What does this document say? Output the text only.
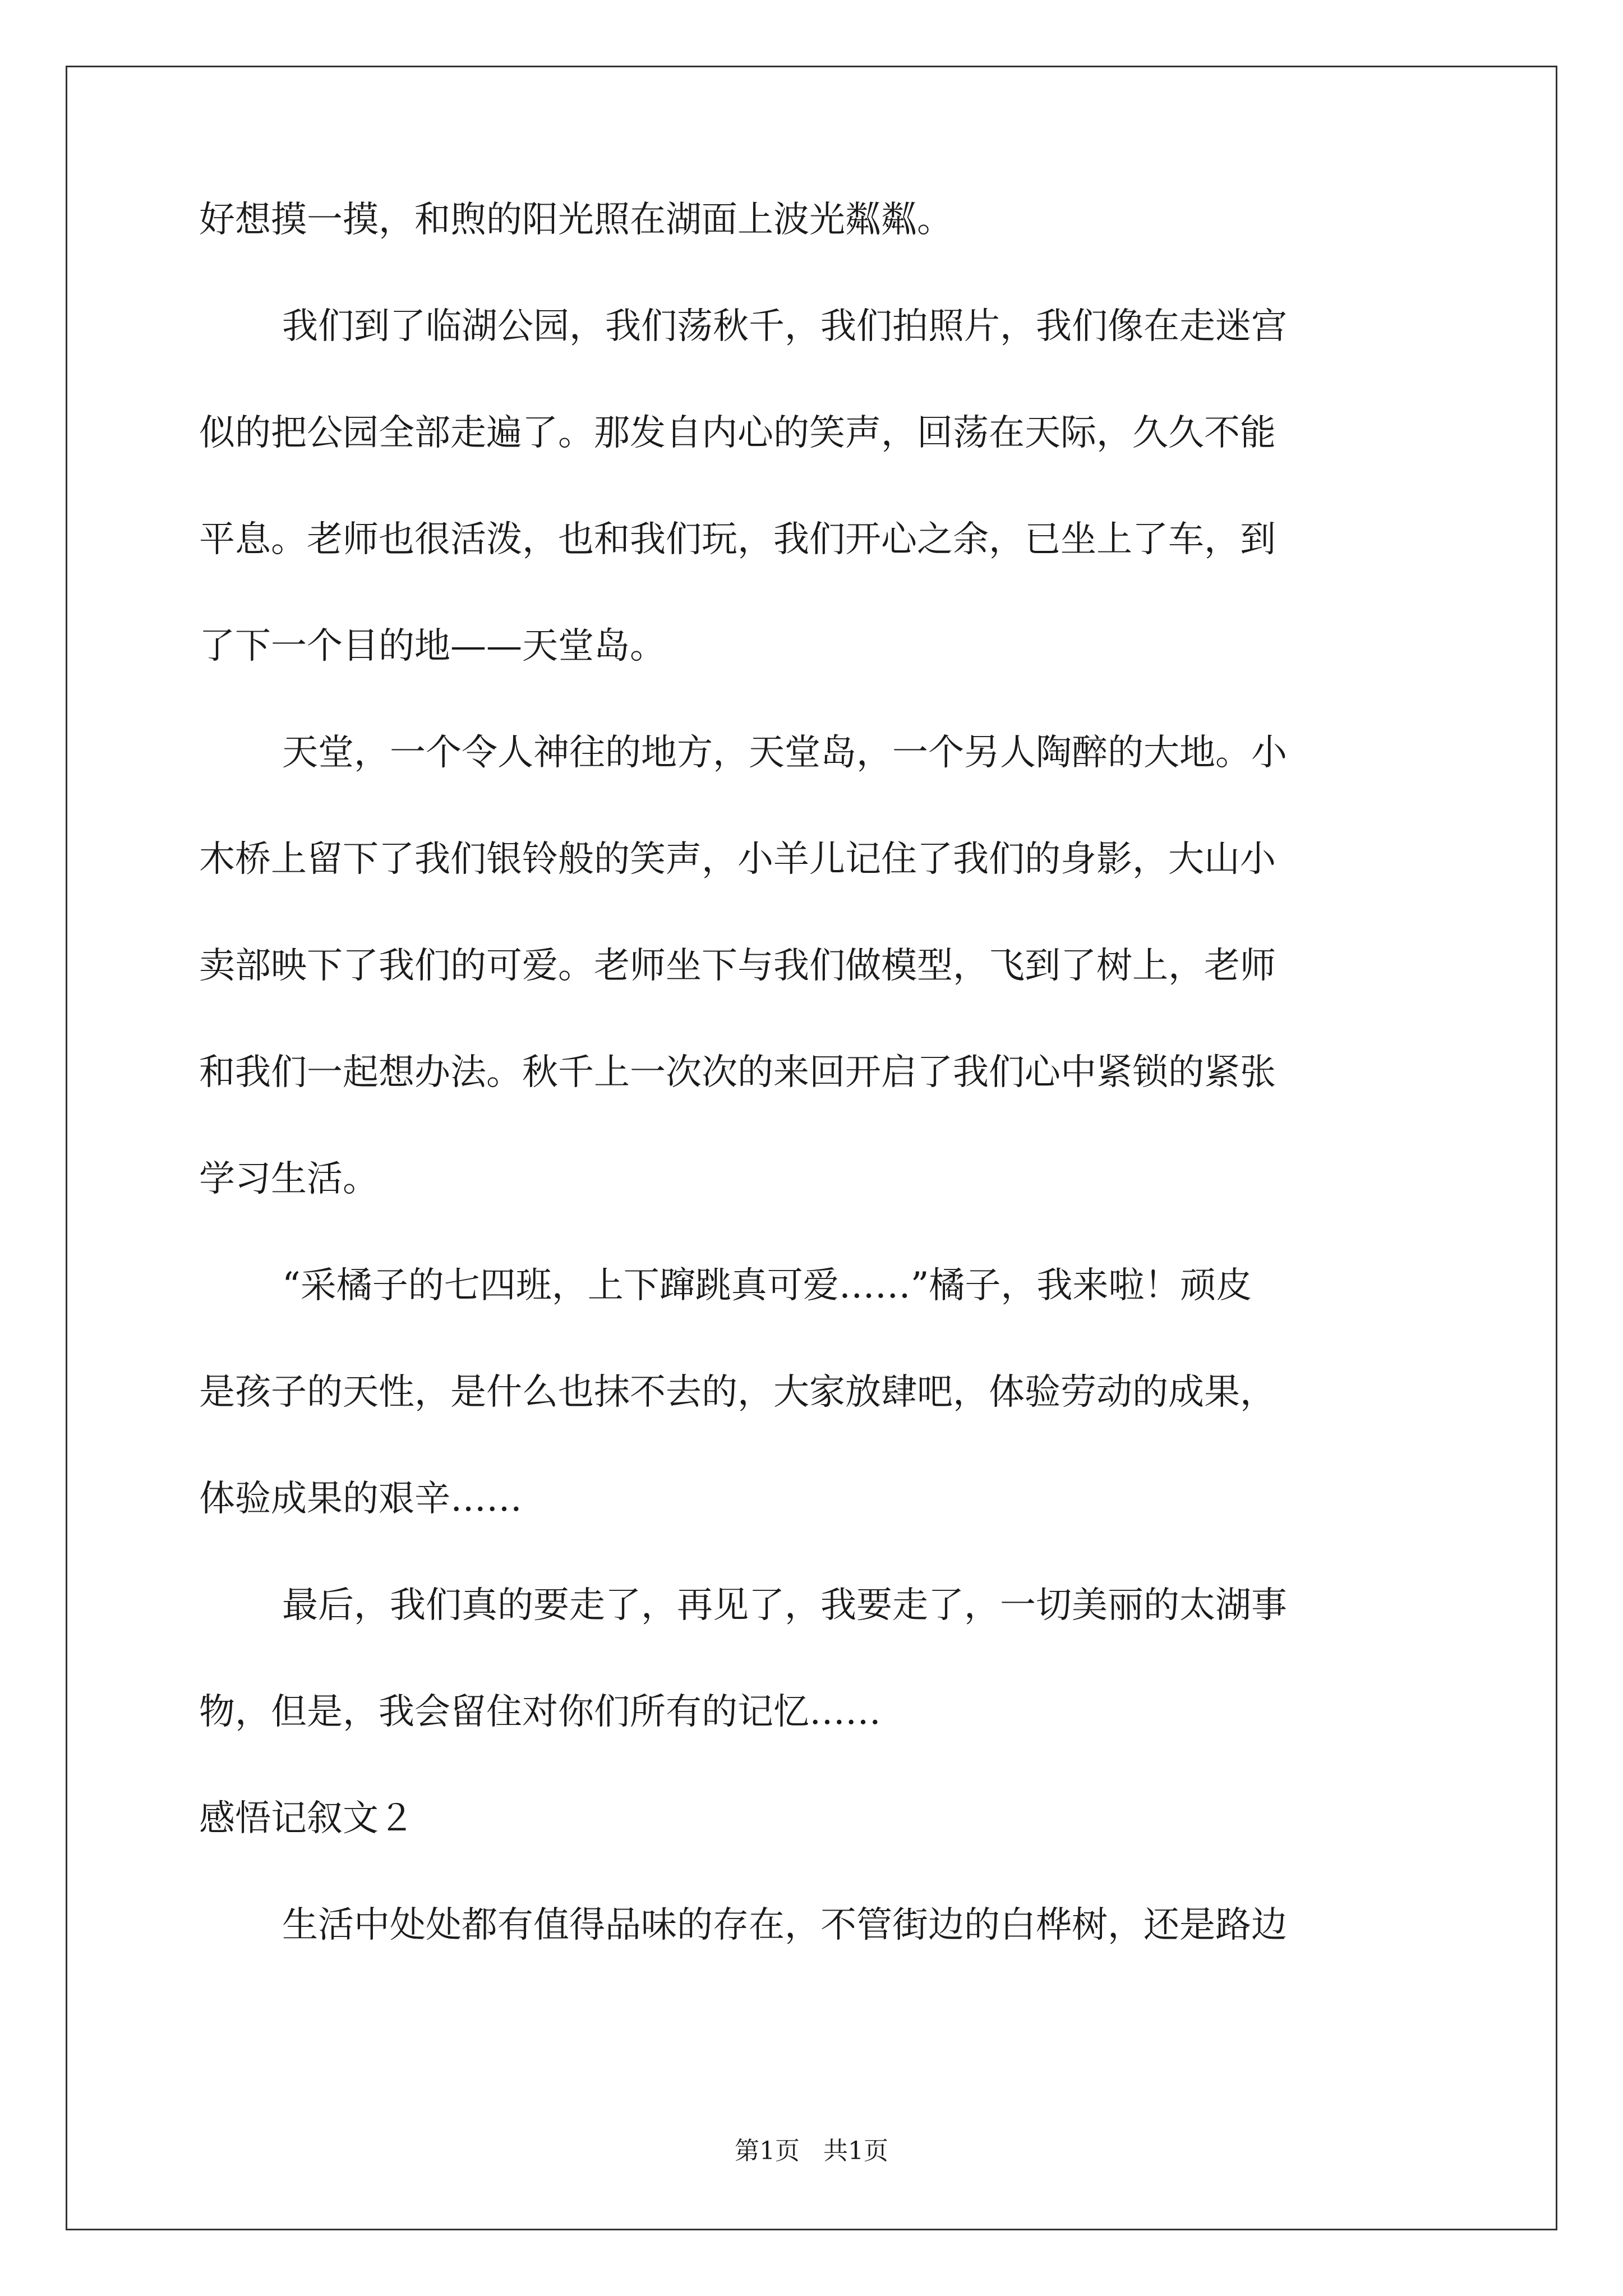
好想摸一摸，和煦的阳光照在湖面上波光粼粼。
我们到了临湖公园，我们荡秋千，我们拍照片，我们像在走迷宫
似的把公园全部走遍了。那发自内心的笑声，回荡在天际，久久不能
平息。老师也很活泼，也和我们玩，我们开心之余，已坐上了车，到
了下一个目的地——天堂岛。
天堂，一个令人神往的地方，天堂岛，一个另人陶醉的大地。小
木桥上留下了我们银铃般的笑声，小羊儿记住了我们的身影，大山小
卖部映下了我们的可爱。老师坐下与我们做模型，飞到了树上，老师
和我们一起想办法。秋千上一次次的来回开启了我们心中紧锁的紧张
学习生活。
“采橘子的七四班，上下蹿跳真可爱……”橘子，我来啦！顽皮
是孩子的天性，是什么也抹不去的，大家放肆吧，体验劳动的成果，
体验成果的艰辛……
最后，我们真的要走了，再见了，我要走了，一切美丽的太湖事
物，但是，我会留住对你们所有的记忆……
感悟记叙文２
生活中处处都有值得品味的存在，不管街边的白桦树，还是路边
第1页   共1页
